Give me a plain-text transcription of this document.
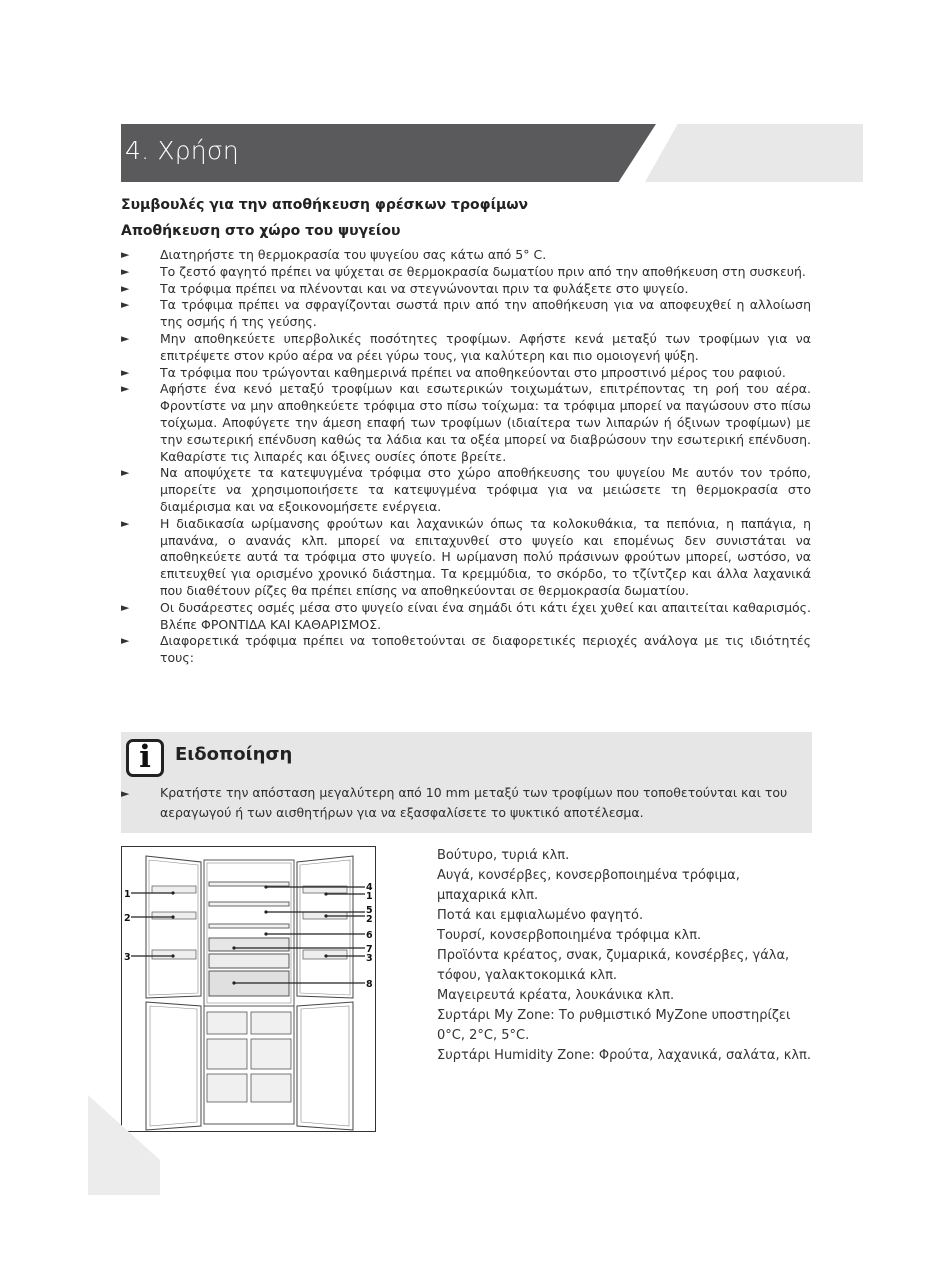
4. Χρήση
Συμβουλές για την αποθήκευση φρέσκων τροφίμων
Αποθήκευση στο χώρο του ψυγείου
► Διατηρήστε τη θερμοκρασία του ψυγείου σας κάτω από 5° C.
► Το ζεστό φαγητό πρέπει να ψύχεται σε θερμοκρασία δωματίου πριν από την αποθήκευση στη συσκευή.
► Τα τρόφιμα πρέπει να πλένονται και να στεγνώνονται πριν τα φυλάξετε στο ψυγείο.
► Τα τρόφιμα πρέπει να σφραγίζονται σωστά πριν από την αποθήκευση για να αποφευχθεί η αλλοίωση της οσμής ή της γεύσης.
► Μην αποθηκεύετε υπερβολικές ποσότητες τροφίμων. Αφήστε κενά μεταξύ των τροφίμων για να επιτρέψετε στον κρύο αέρα να ρέει γύρω τους, για καλύτερη και πιο ομοιογενή ψύξη.
► Τα τρόφιμα που τρώγονται καθημερινά πρέπει να αποθηκεύονται στο μπροστινό μέρος του ραφιού.
► Αφήστε ένα κενό μεταξύ τροφίμων και εσωτερικών τοιχωμάτων, επιτρέποντας τη ροή του αέρα. Φροντίστε να μην αποθηκεύετε τρόφιμα στο πίσω τοίχωμα: τα τρόφιμα μπορεί να παγώσουν στο πίσω τοίχωμα. Αποφύγετε την άμεση επαφή των τροφίμων (ιδιαίτερα των λιπαρών ή όξινων τροφίμων) με την εσωτερική επένδυση καθώς τα λάδια και τα οξέα μπορεί να διαβρώσουν την εσωτερική επένδυση. Καθαρίστε τις λιπαρές και όξινες ουσίες όποτε βρείτε.
► Να αποψύχετε τα κατεψυγμένα τρόφιμα στο χώρο αποθήκευσης του ψυγείου Με αυτόν τον τρόπο, μπορείτε να χρησιμοποιήσετε τα κατεψυγμένα τρόφιμα για να μειώσετε τη θερμοκρασία στο διαμέρισμα και να εξοικονομήσετε ενέργεια.
► Η διαδικασία ωρίμανσης φρούτων και λαχανικών όπως τα κολοκυθάκια, τα πεπόνια, η παπάγια, η μπανάνα, ο ανανάς κλπ. μπορεί να επιταχυνθεί στο ψυγείο και επομένως δεν συνιστάται να αποθηκεύετε αυτά τα τρόφιμα στο ψυγείο. Η ωρίμανση πολύ πράσινων φρούτων μπορεί, ωστόσο, να επιτευχθεί για ορισμένο χρονικό διάστημα. Τα κρεμμύδια, το σκόρδο, το τζίντζερ και άλλα λαχανικά που διαθέτουν ρίζες θα πρέπει επίσης να αποθηκεύονται σε θερμοκρασία δωματίου.
► Οι δυσάρεστες οσμές μέσα στο ψυγείο είναι ένα σημάδι ότι κάτι έχει χυθεί και απαιτείται καθαρισμός. Βλέπε ΦΡΟΝΤΙΔΑ ΚΑΙ ΚΑΘΑΡΙΣΜΟΣ.
► Διαφορετικά τρόφιμα πρέπει να τοποθετούνται σε διαφορετικές περιοχές ανάλογα με τις ιδιότητές τους:
i	Ειδοποίηση
► Κρατήστε την απόσταση μεγαλύτερη από 10 mm μεταξύ των τροφίμων που τοποθετούνται και του αεραγωγού ή των αισθητήρων για να εξασφαλίσετε το ψυκτικό αποτέλεσμα.
1
2
3
4
1
5
2
6
7
3
8
Βούτυρο, τυριά κλπ.
Αυγά, κονσέρβες, κονσερβοποιημένα τρόφιμα, μπαχαρικά κλπ.
Ποτά και εμφιαλωμένο φαγητό.
Τουρσί, κονσερβοποιημένα τρόφιμα κλπ.
Προϊόντα κρέατος, σνακ, ζυμαρικά, κονσέρβες, γάλα, τόφου, γαλακτοκομικά κλπ.
Μαγειρευτά κρέατα, λουκάνικα κλπ.
Συρτάρι My Zone: Το ρυθμιστικό MyZone υποστηρίζει 0°C, 2°C, 5°C.
Συρτάρι Humidity Zone: Φρούτα, λαχανικά, σαλάτα, κλπ.
